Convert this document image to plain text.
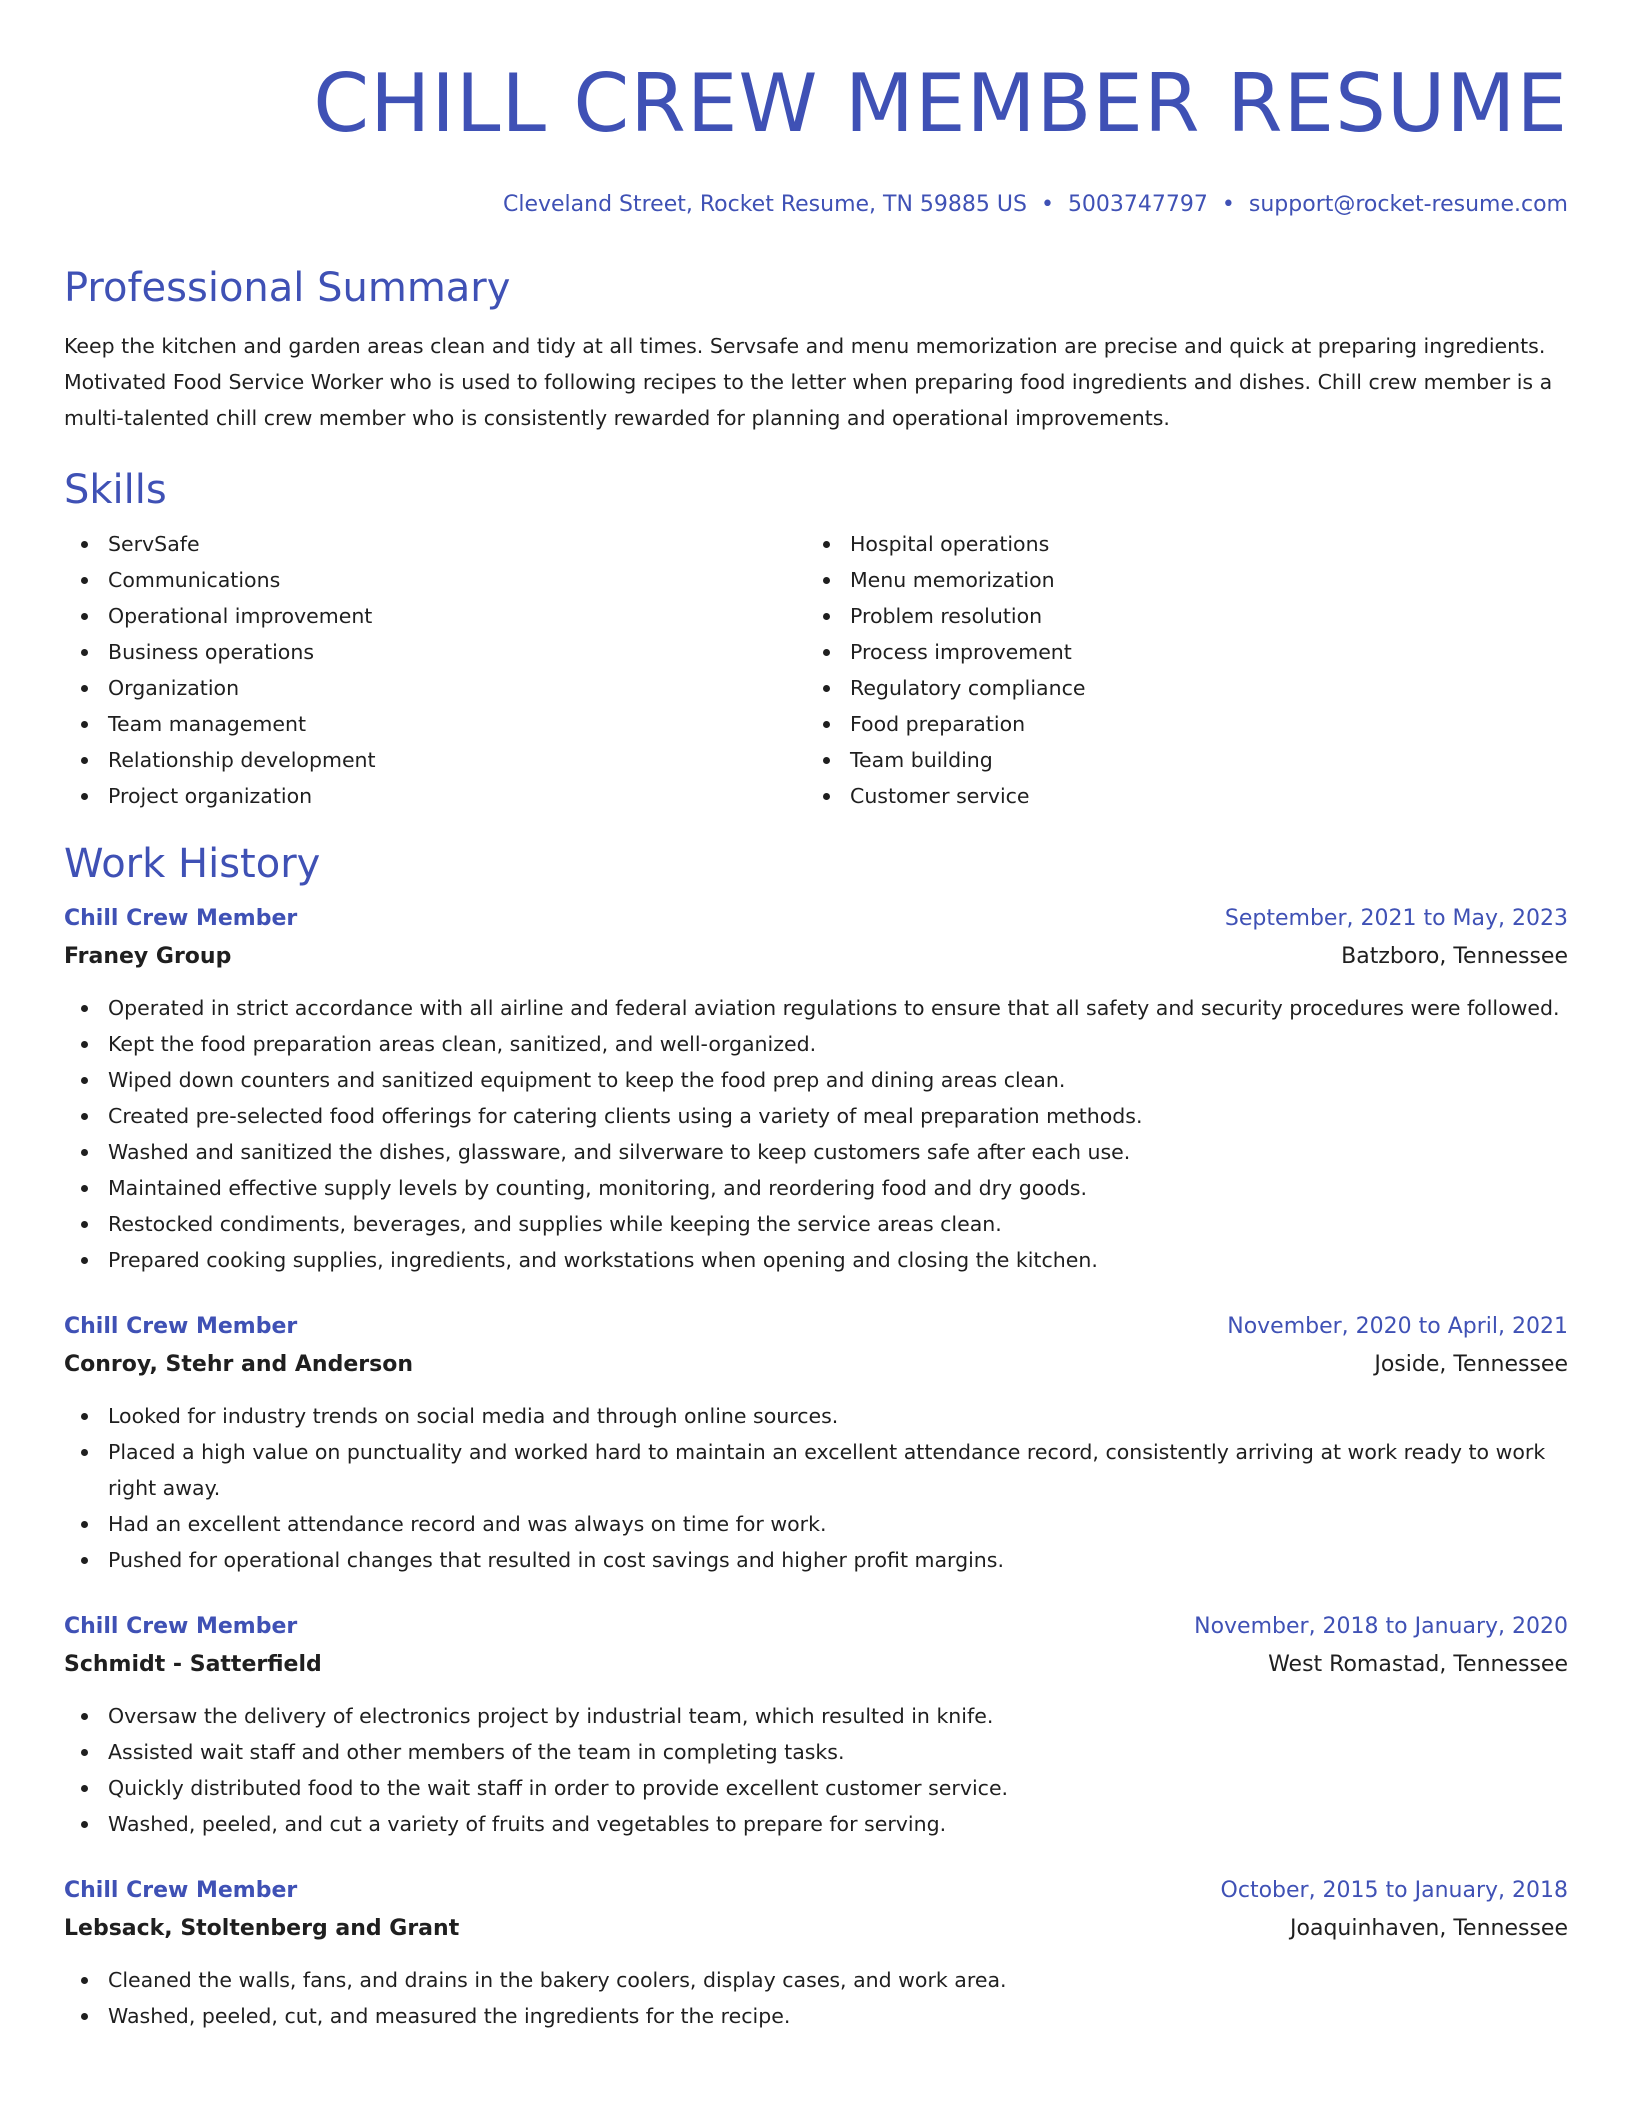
CHILL CREW MEMBER RESUME
Cleveland Street, Rocket Resume, TN 59885 US • 5003747797 • support@rocket-resume.com
Professional Summary

Keep the kitchen and garden areas clean and tidy at all times. Servsafe and menu memorization are precise and quick at preparing ingredients. Motivated Food Service Worker who is used to following recipes to the letter when preparing food ingredients and dishes. Chill crew member is a multi-talented chill crew member who is consistently rewarded for planning and operational improvements.

Skills
ServSafe
Communications
Operational improvement
Business operations
Organization
Team management
Relationship development
Project organization
Hospital operations
Menu memorization
Problem resolution
Process improvement
Regulatory compliance
Food preparation
Team building
Customer service
Work History
Chill Crew Member	September, 2021 to May, 2023
Franey Group	Batzboro, Tennessee
Operated in strict accordance with all airline and federal aviation regulations to ensure that all safety and security procedures were followed.
Kept the food preparation areas clean, sanitized, and well-organized.
Wiped down counters and sanitized equipment to keep the food prep and dining areas clean.
Created pre-selected food offerings for catering clients using a variety of meal preparation methods.
Washed and sanitized the dishes, glassware, and silverware to keep customers safe after each use.
Maintained effective supply levels by counting, monitoring, and reordering food and dry goods.
Restocked condiments, beverages, and supplies while keeping the service areas clean.
Prepared cooking supplies, ingredients, and workstations when opening and closing the kitchen.
Chill Crew Member	November, 2020 to April, 2021
Conroy, Stehr and Anderson	Joside, Tennessee
Looked for industry trends on social media and through online sources.
Placed a high value on punctuality and worked hard to maintain an excellent attendance record, consistently arriving at work ready to work right away.
Had an excellent attendance record and was always on time for work.
Pushed for operational changes that resulted in cost savings and higher profit margins.
Chill Crew Member	November, 2018 to January, 2020
Schmidt - Satterfield	West Romastad, Tennessee
Oversaw the delivery of electronics project by industrial team, which resulted in knife.
Assisted wait staff and other members of the team in completing tasks.
Quickly distributed food to the wait staff in order to provide excellent customer service.
Washed, peeled, and cut a variety of fruits and vegetables to prepare for serving.
Chill Crew Member	October, 2015 to January, 2018
Lebsack, Stoltenberg and Grant	Joaquinhaven, Tennessee
Cleaned the walls, fans, and drains in the bakery coolers, display cases, and work area.
Washed, peeled, cut, and measured the ingredients for the recipe.
